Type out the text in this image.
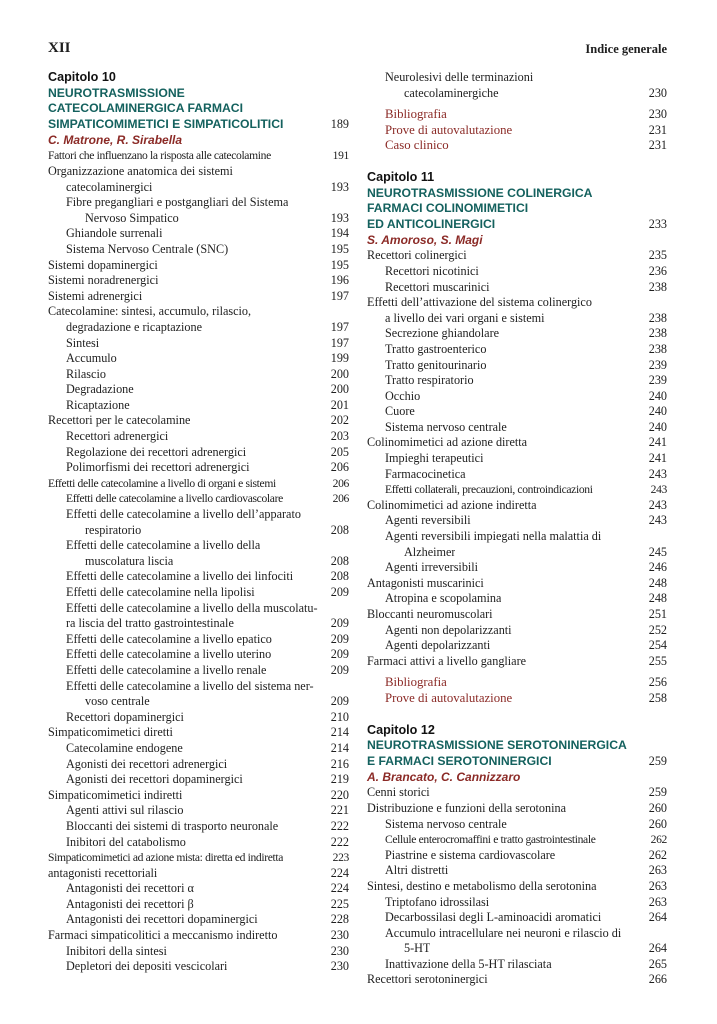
XII	Indice generale
Capitolo 10
NEUROTRASMISSIONE
CATECOLAMINERGICA FARMACI
SIMPATICOMIMETICI E SIMPATICOLITICI	189
C. Matrone, R. Sirabella
Fattori che influenzano la risposta alle catecolamine	191
Organizzazione anatomica dei sistemi
catecolaminergici	193
Fibre pregangliari e postgangliari del Sistema
Nervoso Simpatico	193
Ghiandole surrenali	194
Sistema Nervoso Centrale (SNC)	195
Sistemi dopaminergici	195
Sistemi noradrenergici	196
Sistemi adrenergici	197
Catecolamine: sintesi, accumulo, rilascio,
degradazione e ricaptazione	197
Sintesi	197
Accumulo	199
Rilascio	200
Degradazione	200
Ricaptazione	201
Recettori per le catecolamine	202
Recettori adrenergici	203
Regolazione dei recettori adrenergici	205
Polimorfismi dei recettori adrenergici	206
Effetti delle catecolamine a livello di organi e sistemi	206
Effetti delle catecolamine a livello cardiovascolare	206
Effetti delle catecolamine a livello dell’apparato
respiratorio	208
Effetti delle catecolamine a livello della
muscolatura liscia	208
Effetti delle catecolamine a livello dei linfociti	208
Effetti delle catecolamine nella lipolisi	209
Effetti delle catecolamine a livello della muscolatu-
ra liscia del tratto gastrointestinale	209
Effetti delle catecolamine a livello epatico	209
Effetti delle catecolamine a livello uterino	209
Effetti delle catecolamine a livello renale	209
Effetti delle catecolamine a livello del sistema ner-
voso centrale	209
Recettori dopaminergici	210
Simpaticomimetici diretti	214
Catecolamine endogene	214
Agonisti dei recettori adrenergici	216
Agonisti dei recettori dopaminergici	219
Simpaticomimetici indiretti	220
Agenti attivi sul rilascio	221
Bloccanti dei sistemi di trasporto neuronale	222
Inibitori del catabolismo	222
Simpaticomimetici ad azione mista: diretta ed indiretta	223
antagonisti recettoriali	224
Antagonisti dei recettori α	224
Antagonisti dei recettori β	225
Antagonisti dei recettori dopaminergici	228
Farmaci simpaticolitici a meccanismo indiretto	230
Inibitori della sintesi	230
Depletori dei depositi vescicolari	230
Neurolesivi delle terminazioni
catecolaminergiche	230
Bibliografia	230
Prove di autovalutazione	231
Caso clinico	231
Capitolo 11
NEUROTRASMISSIONE COLINERGICA
FARMACI COLINOMIMETICI
ED ANTICOLINERGICI	233
S. Amoroso, S. Magi
Recettori colinergici	235
Recettori nicotinici	236
Recettori muscarinici	238
Effetti dell’attivazione del sistema colinergico
a livello dei vari organi e sistemi	238
Secrezione ghiandolare	238
Tratto gastroenterico	238
Tratto genitourinario	239
Tratto respiratorio	239
Occhio	240
Cuore	240
Sistema nervoso centrale	240
Colinomimetici ad azione diretta	241
Impieghi terapeutici	241
Farmacocinetica	243
Effetti collaterali, precauzioni, controindicazioni	243
Colinomimetici ad azione indiretta	243
Agenti reversibili	243
Agenti reversibili impiegati nella malattia di
Alzheimer	245
Agenti irreversibili	246
Antagonisti muscarinici	248
Atropina e scopolamina	248
Bloccanti neuromuscolari	251
Agenti non depolarizzanti	252
Agenti depolarizzanti	254
Farmaci attivi a livello gangliare	255
Bibliografia	256
Prove di autovalutazione	258
Capitolo 12
NEUROTRASMISSIONE SEROTONINERGICA
E FARMACI SEROTONINERGICI	259
A. Brancato, C. Cannizzaro
Cenni storici	259
Distribuzione e funzioni della serotonina	260
Sistema nervoso centrale	260
Cellule enterocromaffini e tratto gastrointestinale	262
Piastrine e sistema cardiovascolare	262
Altri distretti	263
Sintesi, destino e metabolismo della serotonina	263
Triptofano idrossilasi	263
Decarbossilasi degli L-aminoacidi aromatici	264
Accumulo intracellulare nei neuroni e rilascio di
5-HT	264
Inattivazione della 5-HT rilasciata	265
Recettori serotoninergici	266
